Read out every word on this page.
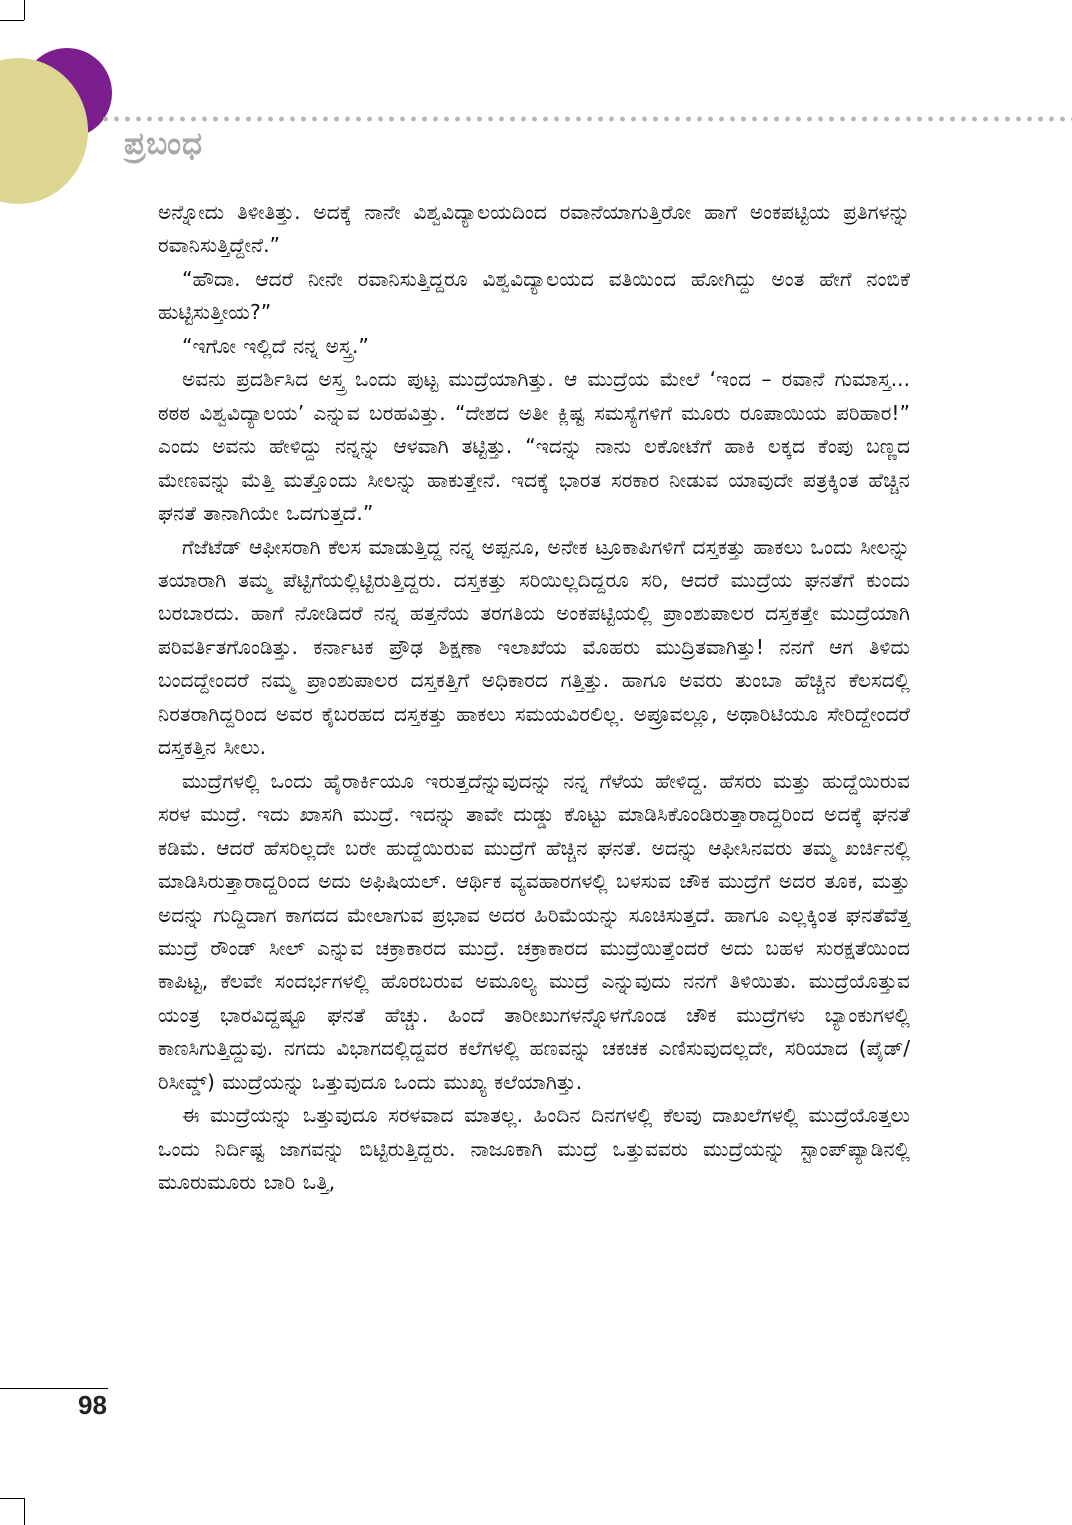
ಪ್ರಬಂಧ

ಅನ್ನೋದು ತಿಳೀತಿತ್ತು. ಅದಕ್ಕೆ ನಾನೇ ವಿಶ್ವವಿದ್ಯಾಲಯದಿಂದ ರವಾನೆಯಾಗುತ್ತಿರೋ ಹಾಗೆ ಅಂಕಪಟ್ಟಿಯ ಪ್ರತಿಗಳನ್ನು ರವಾನಿಸುತ್ತಿದ್ದೇನೆ.”

“ಹೌದಾ. ಆದರೆ ನೀನೇ ರವಾನಿಸುತ್ತಿದ್ದರೂ ವಿಶ್ವವಿದ್ಯಾಲಯದ ವತಿಯಿಂದ ಹೋಗಿದ್ದು ಅಂತ ಹೇಗೆ ನಂಬಿಕೆ ಹುಟ್ಟಿಸುತ್ತೀಯ?”

“ಇಗೋ ಇಲ್ಲಿದೆ ನನ್ನ ಅಸ್ತ್ರ.”

ಅವನು ಪ್ರದರ್ಶಿಸಿದ ಅಸ್ತ್ರ ಒಂದು ಪುಟ್ಟ ಮುದ್ರೆಯಾಗಿತ್ತು. ಆ ಮುದ್ರೆಯ ಮೇಲೆ ‘ಇಂದ – ರವಾನೆ ಗುಮಾಸ್ತ... ಠಠಠ ವಿಶ್ವವಿದ್ಯಾಲಯ’ ಎನ್ನುವ ಬರಹವಿತ್ತು. “ದೇಶದ ಅತೀ ಕ್ಲಿಷ್ಟ ಸಮಸ್ಯೆಗಳಿಗೆ ಮೂರು ರೂಪಾಯಿಯ ಪರಿಹಾರ!” ಎಂದು ಅವನು ಹೇಳಿದ್ದು ನನ್ನನ್ನು ಆಳವಾಗಿ ತಟ್ಟಿತ್ತು. “ಇದನ್ನು ನಾನು ಲಕೋಟೆಗೆ ಹಾಕಿ ಲಕ್ಕದ ಕೆಂಪು ಬಣ್ಣದ ಮೇಣವನ್ನು ಮೆತ್ತಿ ಮತ್ತೊಂದು ಸೀಲನ್ನು ಹಾಕುತ್ತೇನೆ. ಇದಕ್ಕೆ ಭಾರತ ಸರಕಾರ ನೀಡುವ ಯಾವುದೇ ಪತ್ರಕ್ಕಿಂತ ಹೆಚ್ಚಿನ ಘನತೆ ತಾನಾಗಿಯೇ ಒದಗುತ್ತದೆ.”

ಗೆಜೆಟೆಡ್ ಆಫೀಸರಾಗಿ ಕೆಲಸ ಮಾಡುತ್ತಿದ್ದ ನನ್ನ ಅಪ್ಪನೂ, ಅನೇಕ ಟ್ರೂಕಾಪಿಗಳಿಗೆ ದಸ್ತಕತ್ತು ಹಾಕಲು ಒಂದು ಸೀಲನ್ನು ತಯಾರಾಗಿ ತಮ್ಮ ಪೆಟ್ಟಿಗೆಯಲ್ಲಿಟ್ಟಿರುತ್ತಿದ್ದರು. ದಸ್ತಕತ್ತು ಸರಿಯಿಲ್ಲದಿದ್ದರೂ ಸರಿ, ಆದರೆ ಮುದ್ರೆಯ ಘನತೆಗೆ ಕುಂದು ಬರಬಾರದು. ಹಾಗೆ ನೋಡಿದರೆ ನನ್ನ ಹತ್ತನೆಯ ತರಗತಿಯ ಅಂಕಪಟ್ಟಿಯಲ್ಲಿ ಪ್ರಾಂಶುಪಾಲರ ದಸ್ತಕತ್ತೇ ಮುದ್ರೆಯಾಗಿ ಪರಿವರ್ತಿತಗೊಂಡಿತ್ತು. ಕರ್ನಾಟಕ ಪ್ರೌಢ ಶಿಕ್ಷಣಾ ಇಲಾಖೆಯ ಮೊಹರು ಮುದ್ರಿತವಾಗಿತ್ತು! ನನಗೆ ಆಗ ತಿಳಿದು ಬಂದದ್ದೇಂದರೆ ನಮ್ಮ ಪ್ರಾಂಶುಪಾಲರ ದಸ್ತಕತ್ತಿಗೆ ಅಧಿಕಾರದ ಗತ್ತಿತ್ತು. ಹಾಗೂ ಅವರು ತುಂಬಾ ಹೆಚ್ಚಿನ ಕೆಲಸದಲ್ಲಿ ನಿರತರಾಗಿದ್ದರಿಂದ ಅವರ ಕೈಬರಹದ ದಸ್ತಕತ್ತು ಹಾಕಲು ಸಮಯವಿರಲಿಲ್ಲ. ಅಪ್ರೂವಲ್ಲೂ, ಅಥಾರಿಟಿಯೂ ಸೇರಿದ್ದೇಂದರೆ ದಸ್ತಕತ್ತಿನ ಸೀಲು.

ಮುದ್ರೆಗಳಲ್ಲಿ ಒಂದು ಹೈರಾರ್ಕಿಯೂ ಇರುತ್ತದೆನ್ನುವುದನ್ನು ನನ್ನ ಗೆಳೆಯ ಹೇಳಿದ್ದ. ಹೆಸರು ಮತ್ತು ಹುದ್ದೆಯಿರುವ ಸರಳ ಮುದ್ರೆ. ಇದು ಖಾಸಗಿ ಮುದ್ರೆ. ಇದನ್ನು ತಾವೇ ದುಡ್ಡು ಕೊಟ್ಟು ಮಾಡಿಸಿಕೊಂಡಿರುತ್ತಾರಾದ್ದರಿಂದ ಅದಕ್ಕೆ ಘನತೆ ಕಡಿಮೆ. ಆದರೆ ಹೆಸರಿಲ್ಲದೇ ಬರೇ ಹುದ್ದೆಯಿರುವ ಮುದ್ರೆಗೆ ಹೆಚ್ಚಿನ ಘನತೆ. ಅದನ್ನು ಆಫೀಸಿನವರು ತಮ್ಮ ಖರ್ಚಿನಲ್ಲಿ ಮಾಡಿಸಿರುತ್ತಾರಾದ್ದರಿಂದ ಅದು ಅಫಿಷಿಯಲ್. ಆರ್ಥಿಕ ವ್ಯವಹಾರಗಳಲ್ಲಿ ಬಳಸುವ ಚೌಕ ಮುದ್ರೆಗೆ ಅದರ ತೂಕ, ಮತ್ತು ಅದನ್ನು ಗುದ್ದಿದಾಗ ಕಾಗದದ ಮೇಲಾಗುವ ಪ್ರಭಾವ ಅದರ ಹಿರಿಮೆಯನ್ನು ಸೂಚಿಸುತ್ತದೆ. ಹಾಗೂ ಎಲ್ಲಕ್ಕಿಂತ ಘನತೆವೆತ್ತ ಮುದ್ರೆ ರೌಂಡ್ ಸೀಲ್ ಎನ್ನುವ ಚಕ್ರಾಕಾರದ ಮುದ್ರೆ. ಚಕ್ರಾಕಾರದ ಮುದ್ರೆಯಿತ್ತೆಂದರೆ ಅದು ಬಹಳ ಸುರಕ್ಷತೆಯಿಂದ ಕಾಪಿಟ್ಟ, ಕೆಲವೇ ಸಂದರ್ಭಗಳಲ್ಲಿ ಹೊರಬರುವ ಅಮೂಲ್ಯ ಮುದ್ರೆ ಎನ್ನುವುದು ನನಗೆ ತಿಳಿಯಿತು. ಮುದ್ರೆಯೊತ್ತುವ ಯಂತ್ರ ಭಾರವಿದ್ದಷ್ಟೂ ಘನತೆ ಹೆಚ್ಚು. ಹಿಂದೆ ತಾರೀಖುಗಳನ್ನೊಳಗೊಂಡ ಚೌಕ ಮುದ್ರೆಗಳು ಬ್ಯಾಂಕುಗಳಲ್ಲಿ ಕಾಣಸಿಗುತ್ತಿದ್ದುವು. ನಗದು ವಿಭಾಗದಲ್ಲಿದ್ದವರ ಕಲೆಗಳಲ್ಲಿ ಹಣವನ್ನು ಚಕಚಕ ಎಣಿಸುವುದಲ್ಲದೇ, ಸರಿಯಾದ (ಪೈಡ್/ರಿಸೀವ್ಡ್) ಮುದ್ರೆಯನ್ನು ಒತ್ತುವುದೂ ಒಂದು ಮುಖ್ಯ ಕಲೆಯಾಗಿತ್ತು.

ಈ ಮುದ್ರೆಯನ್ನು ಒತ್ತುವುದೂ ಸರಳವಾದ ಮಾತಲ್ಲ. ಹಿಂದಿನ ದಿನಗಳಲ್ಲಿ ಕೆಲವು ದಾಖಲೆಗಳಲ್ಲಿ ಮುದ್ರೆಯೊತ್ತಲು ಒಂದು ನಿರ್ದಿಷ್ಟ ಜಾಗವನ್ನು ಬಿಟ್ಟಿರುತ್ತಿದ್ದರು. ನಾಜೂಕಾಗಿ ಮುದ್ರೆ ಒತ್ತುವವರು ಮುದ್ರೆಯನ್ನು ಸ್ಟಾಂಪ್‌ಪ್ಯಾಡಿನಲ್ಲಿ ಮೂರುಮೂರು ಬಾರಿ ಒತ್ತಿ,

98
